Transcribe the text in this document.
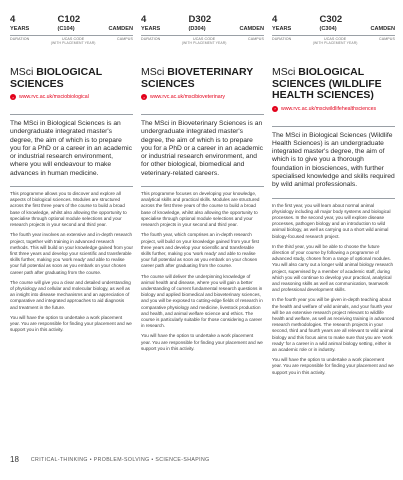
4
YEARS
C102
(C104)	CAMDEN
DURATION	UCAS CODE
(WITH PLACEMENT YEAR)
CAMPUS
MSci BIOLOGICAL SCIENCES
›	www.rvc.ac.uk/msciobiological
The MSci in Biological Sciences is an undergraduate integrated master's degree, the aim of which is to prepare you for a PhD or a career in an academic or industrial research environment, where you will endeavour to make advances in human medicine.

This programme allows you to discover and explore all aspects of biological sciences. Modules are structured across the first three years of the course to build a broad base of knowledge, whilst also allowing the opportunity to specialise through optional module selections and your research projects in your second and third year.

The fourth year involves an extensive and in-depth research project, together with training in advanced research methods. This will build on your knowledge gained from your first three years and develop your scientific and transferable skills further, making you 'work ready' and able to realise your full potential as soon as you embark on your chosen career path after graduating from the course.

The course will give you a clear and detailed understanding of physiology and cellular and molecular biology, as well as an insight into disease mechanisms and an appreciation of comparative and integrated approaches to aid diagnosis and treatment in the future.

You will have the option to undertake a work placement year. You are responsible for finding your placement and we support you in this activity.

4
YEARS
D302
(D304)	CAMDEN
DURATION	UCAS CODE
(WITH PLACEMENT YEAR)
CAMPUS
MSci BIOVETERINARY SCIENCES
›	www.rvc.ac.uk/mscibioveterinary
The MSci in Bioveterinary Sciences is an undergraduate integrated master's degree, the aim of which is to prepare you for a PhD or a career in an academic or industrial research environment, and for other biological, biomedical and veterinary-related careers.

This programme focuses on developing your knowledge, analytical skills and practical skills. Modules are structured across the first three years of the course to build a broad base of knowledge, whilst also allowing the opportunity to specialise through optional module selections and your research projects in your second and third year.

The fourth year, which comprises an in-depth research project, will build on your knowledge gained from your first three years and develop your scientific and transferable skills further, making you 'work ready' and able to realise your full potential as soon as you embark on your chosen career path after graduating from the course.

The course will deliver the underpinning knowledge of animal health and disease, where you will gain a better understanding of current fundamental research questions in biology and applied biomedical and bioveterinary sciences, and you will be exposed to cutting-edge fields of research in comparative physiology and medicine, livestock production and health, and animal welfare science and ethics. The course is particularly suitable for those considering a career in research.

You will have the option to undertake a work placement year. You are responsible for finding your placement and we support you in this activity.

4
YEARS
C302
(C304)	CAMDEN
DURATION	UCAS CODE
(WITH PLACEMENT YEAR)
CAMPUS
MSci BIOLOGICAL SCIENCES (WILDLIFE HEALTH SCIENCES)
›	www.rvc.ac.uk/msciwildlifehealthsciences
The MSci in Biological Sciences (Wildlife Health Sciences) is an undergraduate integrated master's degree, the aim of which is to give you a thorough foundation in biosciences, with further specialised knowledge and skills required by wild animal professionals.

In the first year, you will learn about normal animal physiology including all major body systems and biological processes. In the second year, you will explore disease processes, pathogen biology and an introduction to wild animal biology, as well as carrying out a short wild animal biology-focused research project.

In the third year, you will be able to choose the future direction of your course by following a programme of advanced study, chosen from a range of optional modules. You will also carry out a longer wild animal biology research project, supervised by a member of academic staff, during which you will continue to develop your practical, analytical and reasoning skills as well as communication, teamwork and professional development skills.

In the fourth year you will be given in-depth teaching about the health and welfare of wild animals, and your fourth year will be an extensive research project relevant to wildlife health and welfare, as well as receiving training in advanced research methodologies. The research projects in your second, third and fourth years are all relevant to wild animal biology and this focus aims to make sure that you are 'work ready' for a career in a wild animal biology setting, either in an academic role or in industry.

You will have the option to undertake a work placement year. You are responsible for finding your placement and we support you in this activity.

18 CRITICAL-THINKING • PROBLEM-SOLVING • SCIENCE-SHAPING
